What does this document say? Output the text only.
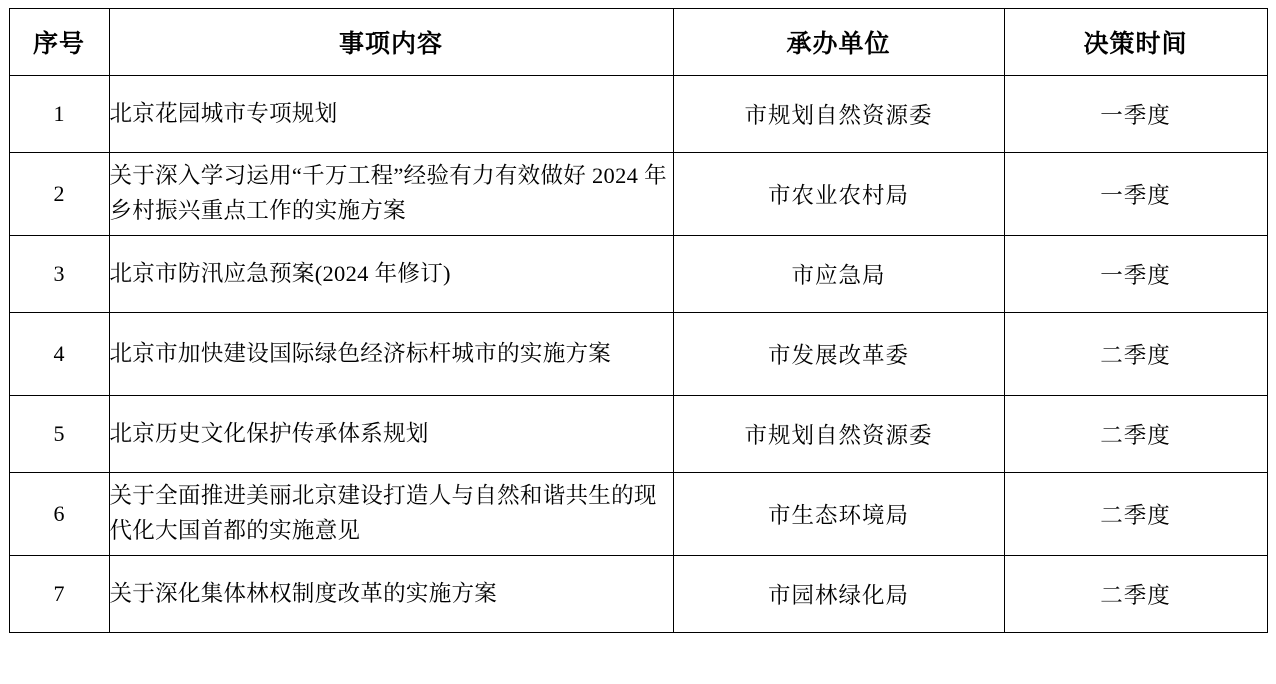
序号	事项内容	承办单位	决策时间
1	北京花园城市专项规划	市规划自然资源委	一季度
2	关于深入学习运用“千万工程”经验有力有效做好 2024 年乡村振兴重点工作的实施方案	市农业农村局	一季度
3	北京市防汛应急预案(2024 年修订)	市应急局	一季度
4	北京市加快建设国际绿色经济标杆城市的实施方案	市发展改革委	二季度
5	北京历史文化保护传承体系规划	市规划自然资源委	二季度
6	关于全面推进美丽北京建设打造人与自然和谐共生的现代化大国首都的实施意见	市生态环境局	二季度
7	关于深化集体林权制度改革的实施方案	市园林绿化局	二季度
